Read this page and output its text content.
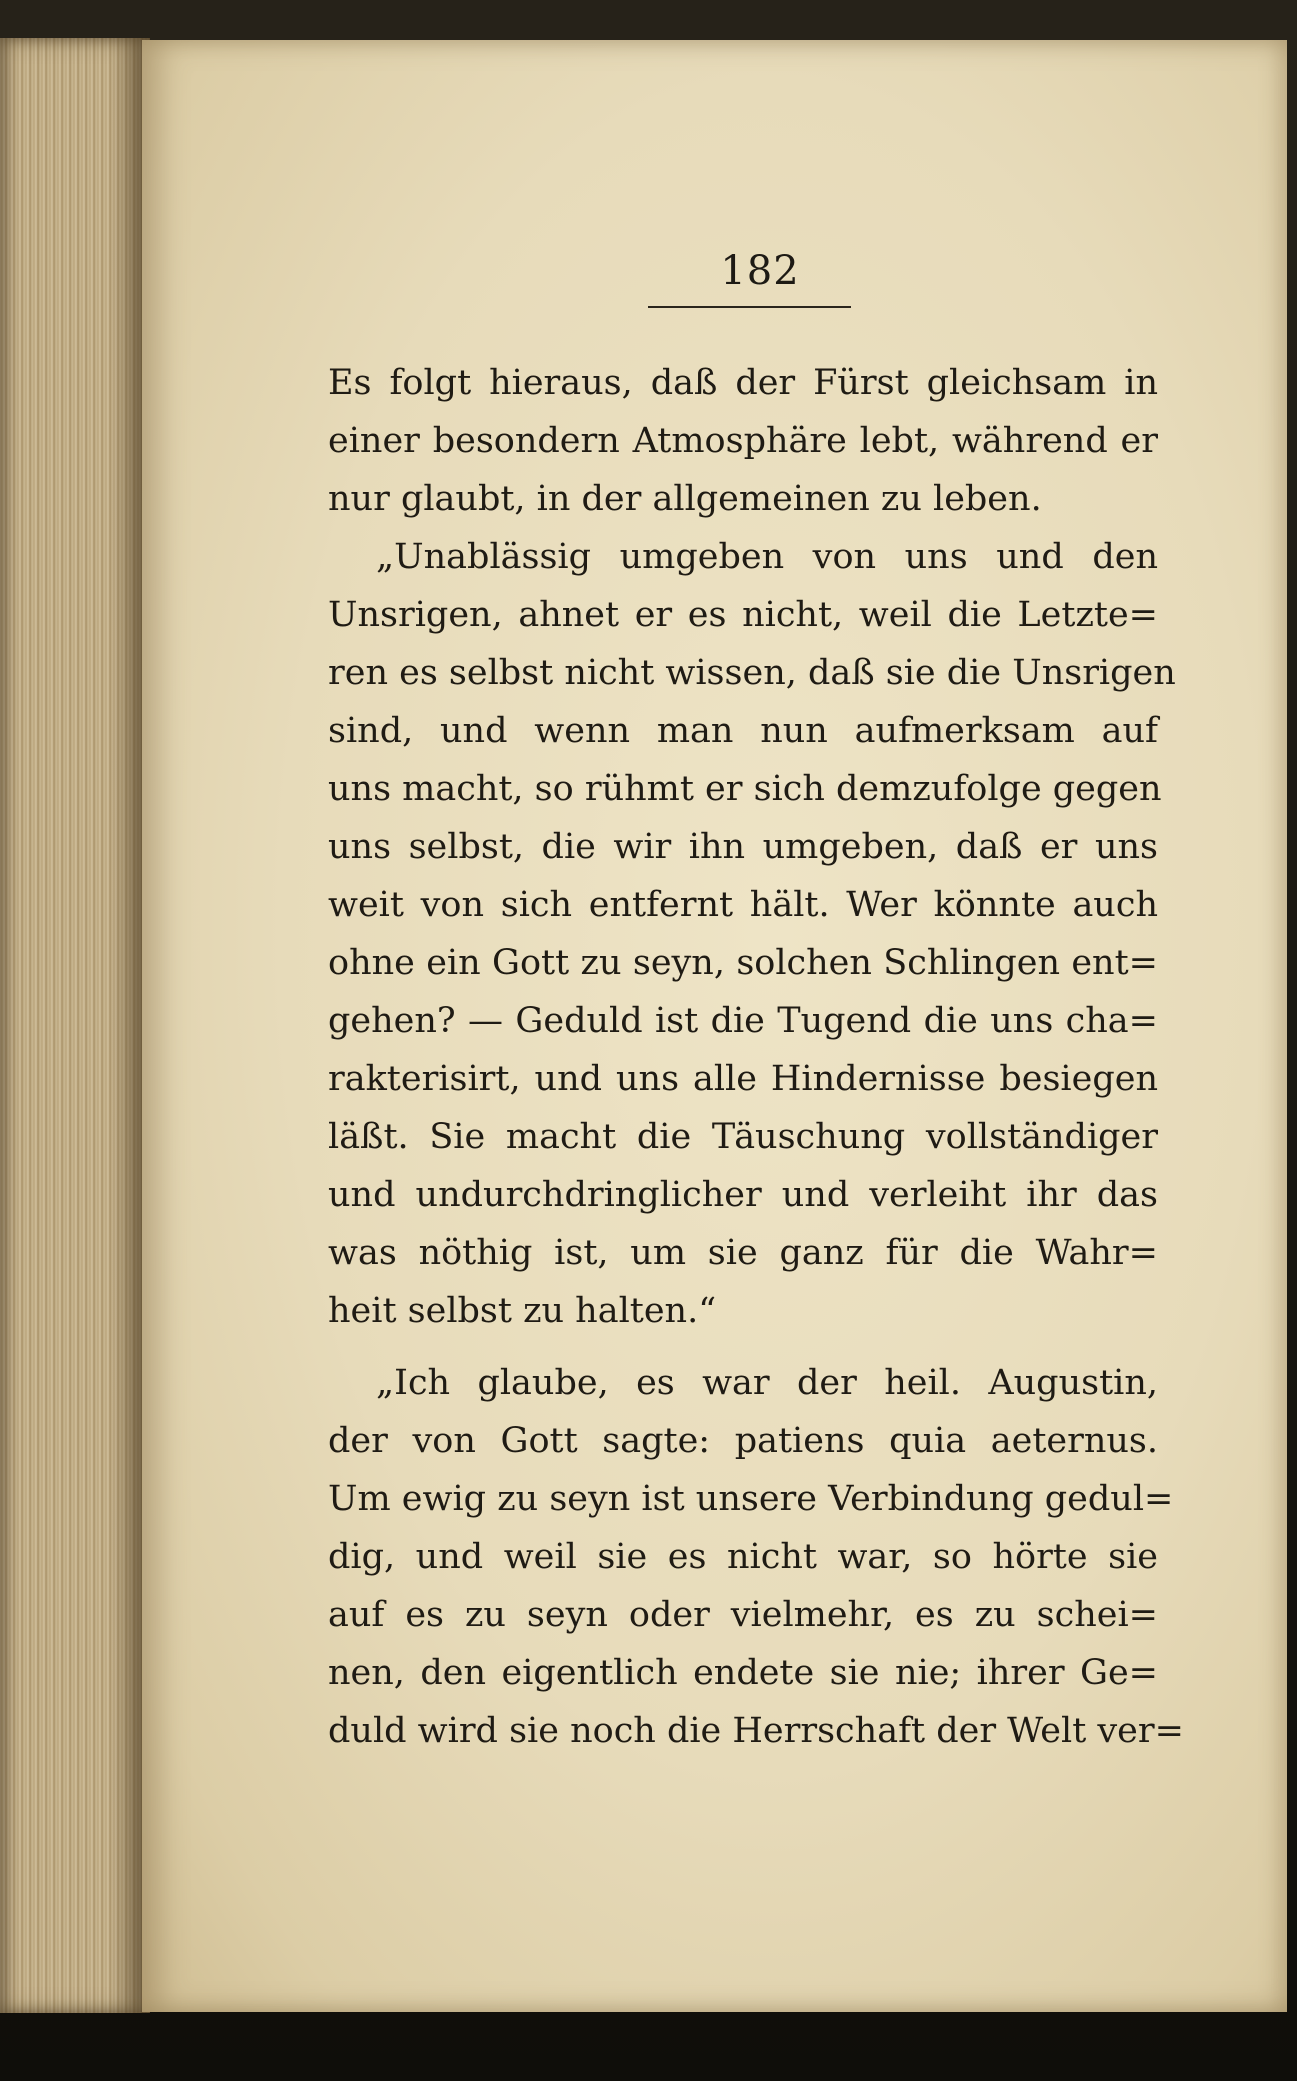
182
Es folgt hieraus, daß der Fürst gleichsam in
einer besondern Atmosphäre lebt, während er
nur glaubt, in der allgemeinen zu leben.
„Unablässig umgeben von uns und den
Unsrigen, ahnet er es nicht, weil die Letzte=
ren es selbst nicht wissen, daß sie die Unsrigen
sind, und wenn man nun aufmerksam auf
uns macht, so rühmt er sich demzufolge gegen
uns selbst, die wir ihn umgeben, daß er uns
weit von sich entfernt hält. Wer könnte auch
ohne ein Gott zu seyn, solchen Schlingen ent=
gehen? — Geduld ist die Tugend die uns cha=
rakterisirt, und uns alle Hindernisse besiegen
läßt. Sie macht die Täuschung vollständiger
und undurchdringlicher und verleiht ihr das
was nöthig ist, um sie ganz für die Wahr=
heit selbst zu halten.“
„Ich glaube, es war der heil. Augustin,
der von Gott sagte: patiens quia aeternus.
Um ewig zu seyn ist unsere Verbindung gedul=
dig, und weil sie es nicht war, so hörte sie
auf es zu seyn oder vielmehr, es zu schei=
nen, den eigentlich endete sie nie; ihrer Ge=
duld wird sie noch die Herrschaft der Welt ver=
